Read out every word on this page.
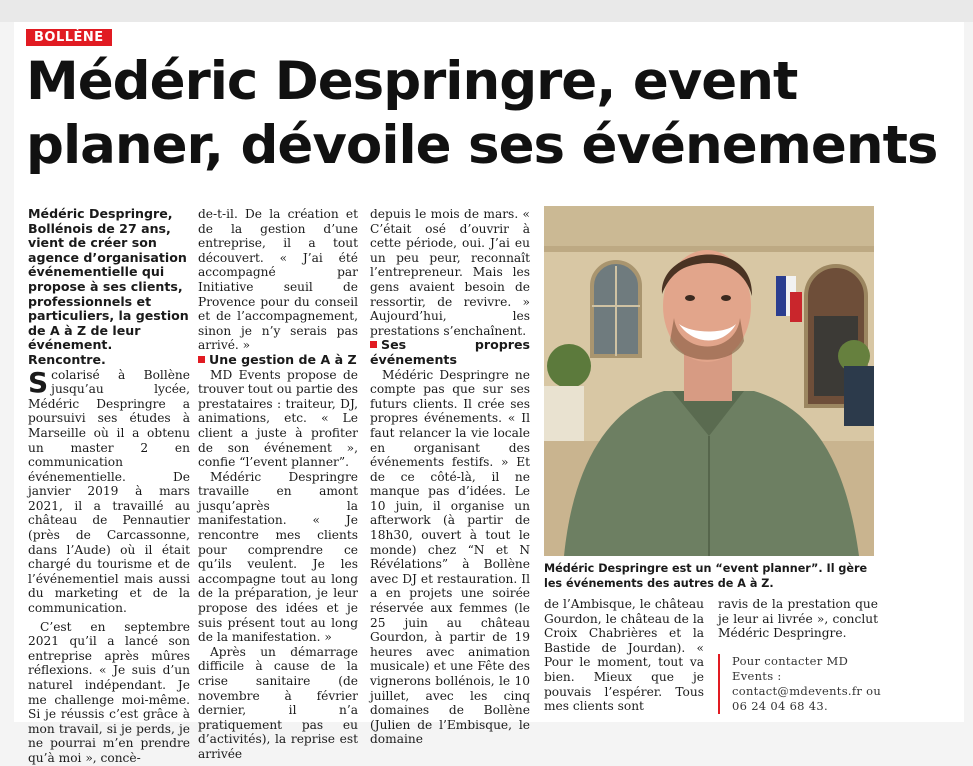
BOLLÈNE
Médéric Despringre, event planer, dévoile ses événements

Médéric Despringre, Bollénois de 27 ans, vient de créer son agence d’organisation événementielle qui propose à ses clients, professionnels et particuliers, la gestion de A à Z de leur événement. Rencontre.

Scolarisé à Bollène jusqu’au lycée, Médéric Despringre a poursuivi ses études à Marseille où il a obtenu un master 2 en communication événementielle. De janvier 2019 à mars 2021, il a travaillé au château de Pennautier (près de Carcassonne, dans l’Aude) où il était chargé du tourisme et de l’événementiel mais aussi du marketing et de la communication.

C’est en septembre 2021 qu’il a lancé son entreprise après mûres réflexions. « Je suis d’un naturel indépendant. Je me challenge moi-même. Si je réussis c’est grâce à mon travail, si je perds, je ne pourrai m’en prendre qu’à moi », concè-

de-t-il. De la création et de la gestion d’une entreprise, il a tout découvert. « J’ai été accompagné par Initiative seuil de Provence pour du conseil et de l’accompagnement, sinon je n’y serais pas arrivé. »

Une gestion de A à Z

MD Events propose de trouver tout ou partie des prestataires : traiteur, DJ, animations, etc. « Le client a juste à profiter de son événement », confie “l’event planner”.

Médéric Despringre travaille en amont jusqu’après la manifestation. « Je rencontre mes clients pour comprendre ce qu’ils veulent. Je les accompagne tout au long de la préparation, je leur propose des idées et je suis présent tout au long de la manifestation. »

Après un démarrage difficile à cause de la crise sanitaire (de novembre à février dernier, il n’a pratiquement pas eu d’activités), la reprise est arrivée

depuis le mois de mars. « C’était osé d’ouvrir à cette période, oui. J’ai eu un peu peur, reconnaît l’entrepreneur. Mais les gens avaient besoin de ressortir, de revivre. » Aujourd’hui, les prestations s’enchaînent.

Ses propres événements

Médéric Despringre ne compte pas que sur ses futurs clients. Il crée ses propres événements. « Il faut relancer la vie locale en organisant des événements festifs. » Et de ce côté-là, il ne manque pas d’idées. Le 10 juin, il organise un afterwork (à partir de 18h30, ouvert à tout le monde) chez “N et N Révélations” à Bollène avec DJ et restauration. Il a en projets une soirée réservée aux femmes (le 25 juin au château Gourdon, à partir de 19 heures avec animation musicale) et une Fête des vignerons bollénois, le 10 juillet, avec les cinq domaines de Bollène (Julien de l’Embisque, le domaine

Médéric Despringre est un “event planner”. Il gère les événements des autres de A à Z.

de l’Ambisque, le château Gourdon, le château de la Croix Chabrières et la Bastide de Jourdan). « Pour le moment, tout va bien. Mieux que je pouvais l’espérer. Tous mes clients sont

ravis de la prestation que je leur ai livrée », conclut Médéric Despringre.

Pour contacter MD Events : contact@mdevents.fr ou 06 24 04 68 43.
